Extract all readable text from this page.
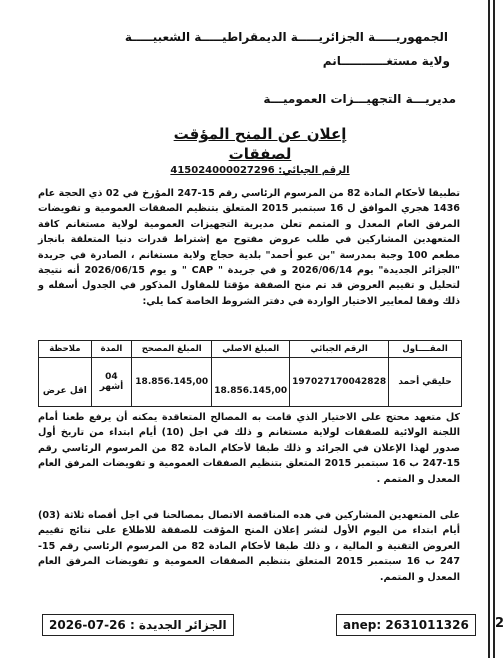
الجمهوريـــــة الجزائريـــــة الديمقراطيـــــة الشعبيـــــة
ولاية مستغـــــــــــانم
مديريـــة التجهيـــزات العموميـــة
إعلان عن المنح المؤقت لصفقات
الرقم الجبائي: 415024000027296
تطبيقا لأحكام المادة 82 من المرسوم الرئاسي رقم 15-247 المؤرخ في 02 ذي الحجة عام 1436 هجري الموافق ل 16 سبتمبر 2015 المتعلق بتنظيم الصفقات العمومية و تفويضات المرفق العام المعدل و المتمم تعلن مديرية التجهيزات العمومية لولاية مستغانم كافة المتعهدين المشاركين في طلب عروض مفتوح مع إشتراط قدرات دنيا المتعلقة بانجاز مطعم 100 وجبة بمدرسة "بن عبو أحمد" بلدية حجاج ولاية مستغانم ، الصادرة في جريدة "الجزائر الجديدة" يوم 2026/06/14 و في جريدة " CAP " و يوم 2026/06/15 أنه نتيجة لتحليل و تقييم العروض قد تم منح الصفقة مؤقتا للمقاول المذكور في الجدول أسفله و ذلك وفقا لمعايير الاختيار الواردة في دفتر الشروط الخاصة كما يلي:
المقــــاول	الرقم الجبائي	المبلغ الاصلي	المبلغ المصحح	المدة	ملاحظة
حليقي أحمد	197027170042828	18.856.145,00	18.856.145,00	04 أشهر	اقل عرض
كل متعهد محتج على الاختيار الذي قامت به المصالح المتعاقدة يمكنه أن يرفع طعنا أمام اللجنة الولائية للصفقات لولاية مستغانم و ذلك في اجل (10) أيام ابتداء من تاريخ أول صدور لهذا الإعلان في الجرائد و ذلك طبقا لأحكام المادة 82 من المرسوم الرئاسي رقم 15-247 ب 16 سبتمبر 2015 المتعلق بتنظيم الصفقات العمومية و تفويضات المرفق العام المعدل و المتمم .
على المتعهدين المشاركين في هده المناقصة الاتصال بمصالحنا في اجل أقصاه ثلاثة (03) أيام ابتداء من اليوم الأول لنشر إعلان المنح المؤقت للصفقة للاطلاع على نتائج تقييم العروض التقنية و المالية ، و ذلك طبقا لأحكام المادة 82 من المرسوم الرئاسي رقم 15-247 ب 16 سبتمبر 2015 المتعلق بتنظيم الصفقات العمومية و تفويضات المرفق العام المعدل و المتمم.
الجزائر الجديدة : 26-07-2026	anep: 2631011326	2
